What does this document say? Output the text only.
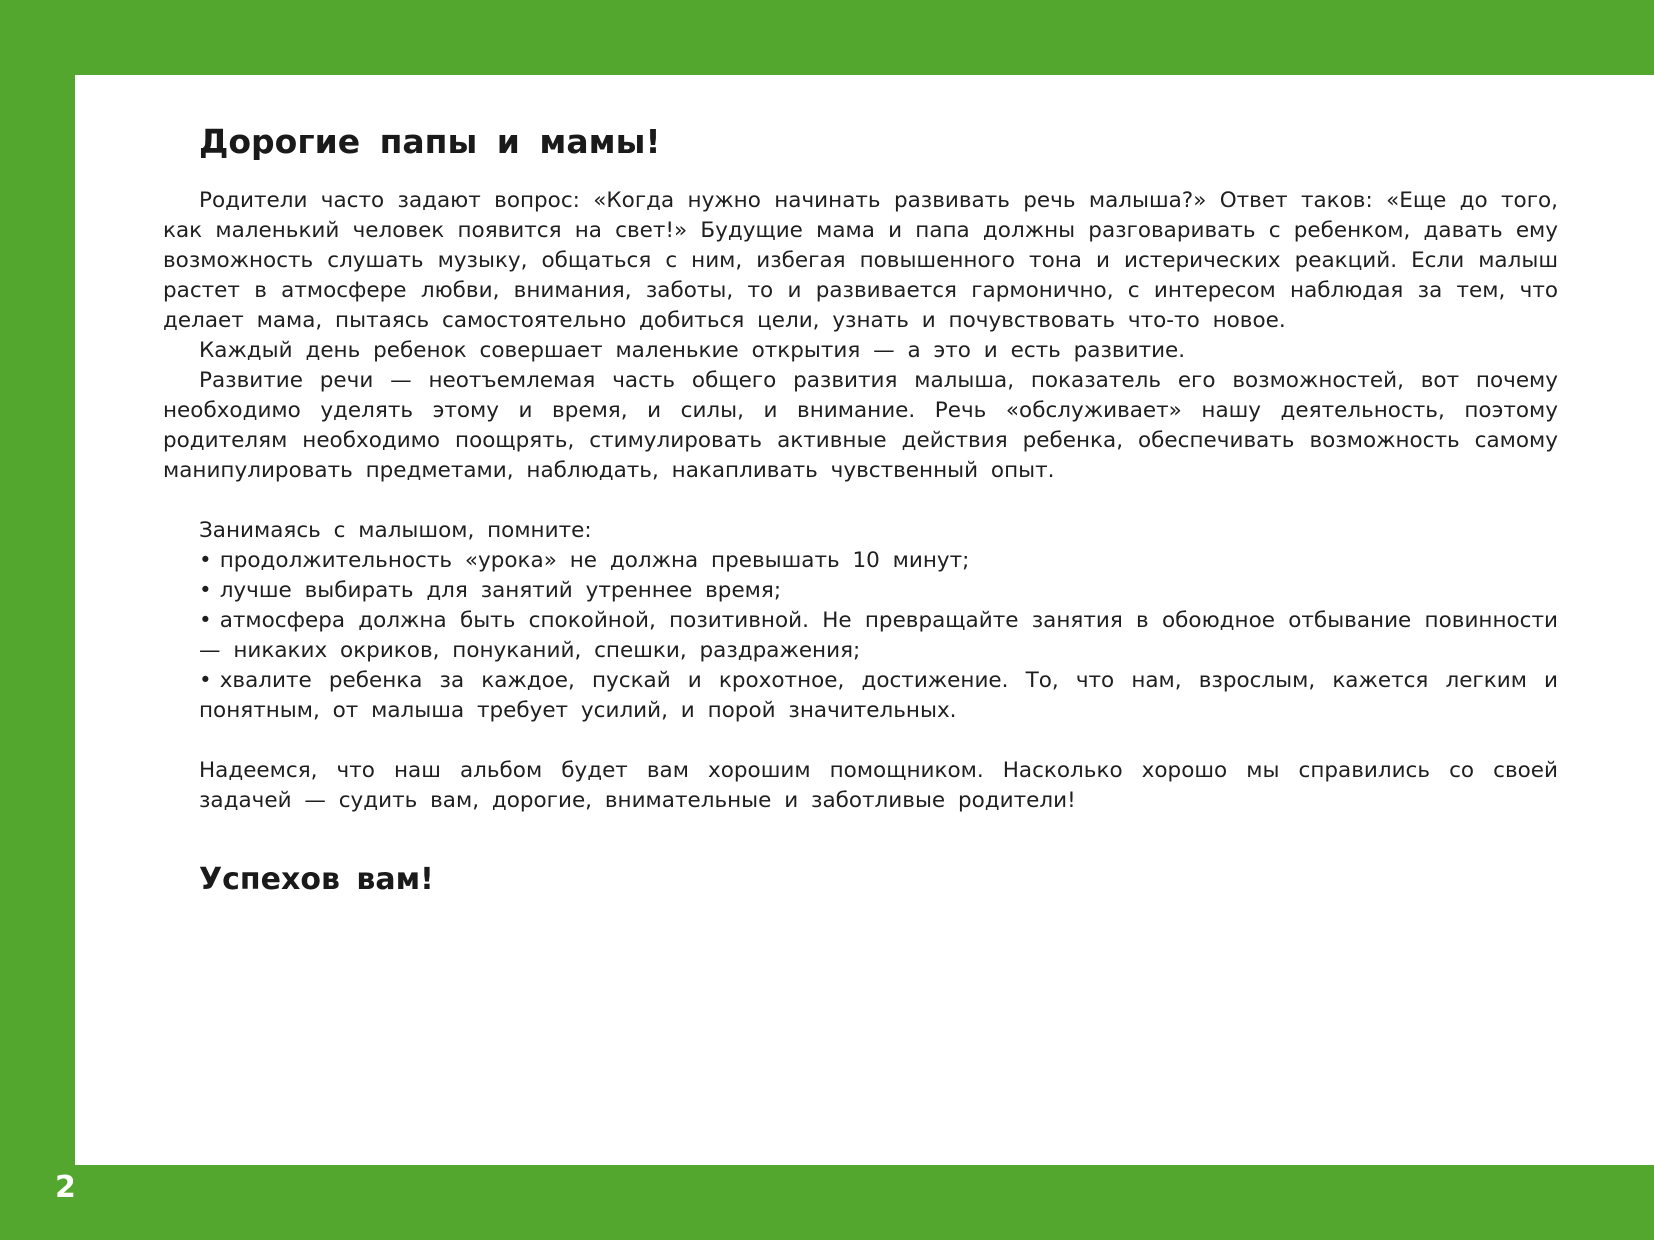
2
Дорогие папы и мамы!

Родители часто задают вопрос: «Когда нужно начинать развивать речь малыша?» Ответ таков: «Еще до того, как маленький человек появится на свет!» Будущие мама и папа должны разговаривать с ребенком, давать ему возможность слушать музыку, общаться с ним, избегая повышенного тона и истерических реакций. Если малыш растет в атмосфере любви, внимания, заботы, то и развивается гармонично, с интересом наблюдая за тем, что делает мама, пытаясь самостоятельно добиться цели, узнать и почувствовать что-то новое.

Каждый день ребенок совершает маленькие открытия — а это и есть развитие.

Развитие речи — неотъемлемая часть общего развития малыша, показатель его возможностей, вот почему необходимо уделять этому и время, и силы, и внимание. Речь «обслуживает» нашу деятельность, поэтому родителям необходимо поощрять, стимулировать активные действия ребенка, обеспечивать возможность самому манипулировать предметами, наблюдать, накапливать чувственный опыт.

Занимаясь с малышом, помните:

• продолжительность «урока» не должна превышать 10 минут;

• лучше выбирать для занятий утреннее время;

• атмосфера должна быть спокойной, позитивной. Не превращайте занятия в обоюдное отбывание повинности — никаких окриков, понуканий, спешки, раздражения;

• хвалите ребенка за каждое, пускай и крохотное, достижение. То, что нам, взрослым, кажется легким и понятным, от малыша требует усилий, и порой значительных.

Надеемся, что наш альбом будет вам хорошим помощником. Насколько хорошо мы справились со своей задачей — судить вам, дорогие, внимательные и заботливые родители!

Успехов вам!
